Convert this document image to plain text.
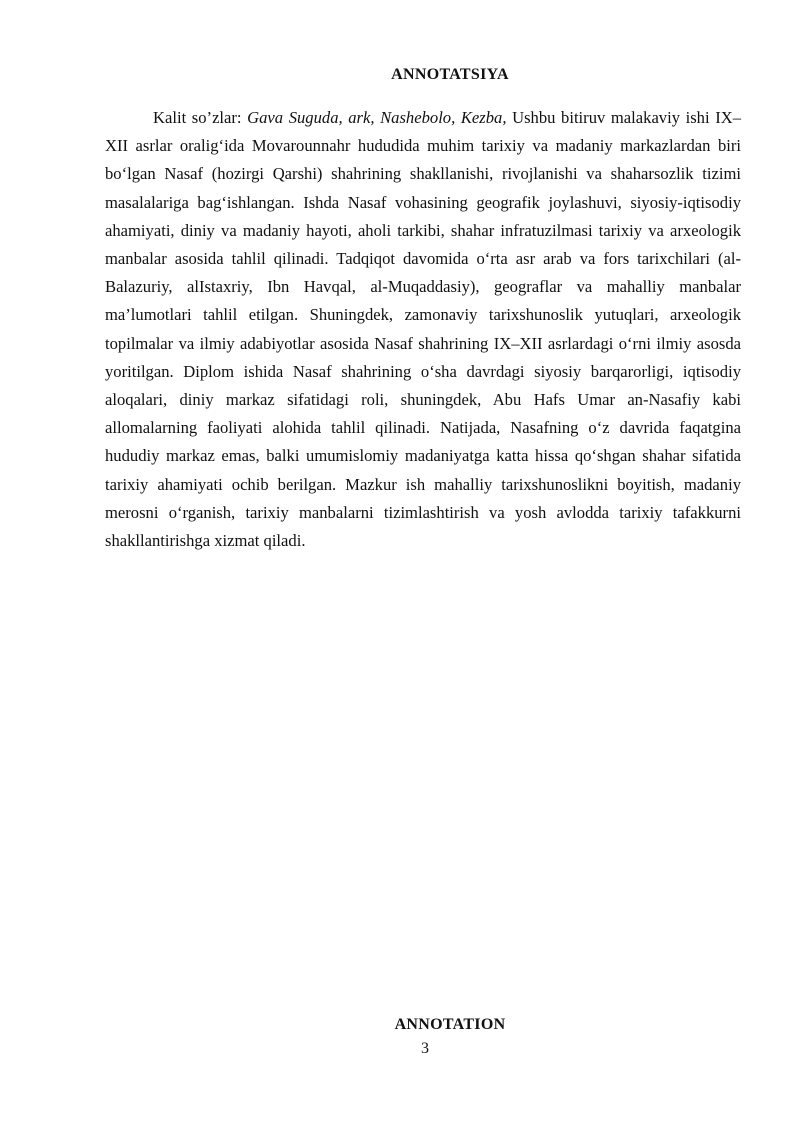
ANNOTATSIYA

Kalit so’zlar: Gava Suguda, ark, Nashebolo, Kezba, Ushbu bitiruv malakaviy ishi IX–XII asrlar oralig‘ida Movarounnahr hududida muhim tarixiy va madaniy markazlardan biri bo‘lgan Nasaf (hozirgi Qarshi) shahrining shakllanishi, rivojlanishi va shaharsozlik tizimi masalalariga bag‘ishlangan. Ishda Nasaf vohasining geografik joylashuvi, siyosiy-iqtisodiy ahamiyati, diniy va madaniy hayoti, aholi tarkibi, shahar infratuzilmasi tarixiy va arxeologik manbalar asosida tahlil qilinadi. Tadqiqot davomida o‘rta asr arab va fors tarixchilari (al-Balazuriy, alIstaxriy, Ibn Havqal, al-Muqaddasiy), geograflar va mahalliy manbalar ma’lumotlari tahlil etilgan. Shuningdek, zamonaviy tarixshunoslik yutuqlari, arxeologik topilmalar va ilmiy adabiyotlar asosida Nasaf shahrining IX–XII asrlardagi o‘rni ilmiy asosda yoritilgan. Diplom ishida Nasaf shahrining o‘sha davrdagi siyosiy barqarorligi, iqtisodiy aloqalari, diniy markaz sifatidagi roli, shuningdek, Abu Hafs Umar an-Nasafiy kabi allomalarning faoliyati alohida tahlil qilinadi. Natijada, Nasafning o‘z davrida faqatgina hududiy markaz emas, balki umumislomiy madaniyatga katta hissa qo‘shgan shahar sifatida tarixiy ahamiyati ochib berilgan. Mazkur ish mahalliy tarixshunoslikni boyitish, madaniy merosni o‘rganish, tarixiy manbalarni tizimlashtirish va yosh avlodda tarixiy tafakkurni shakllantirishga xizmat qiladi.

ANNOTATION
3
